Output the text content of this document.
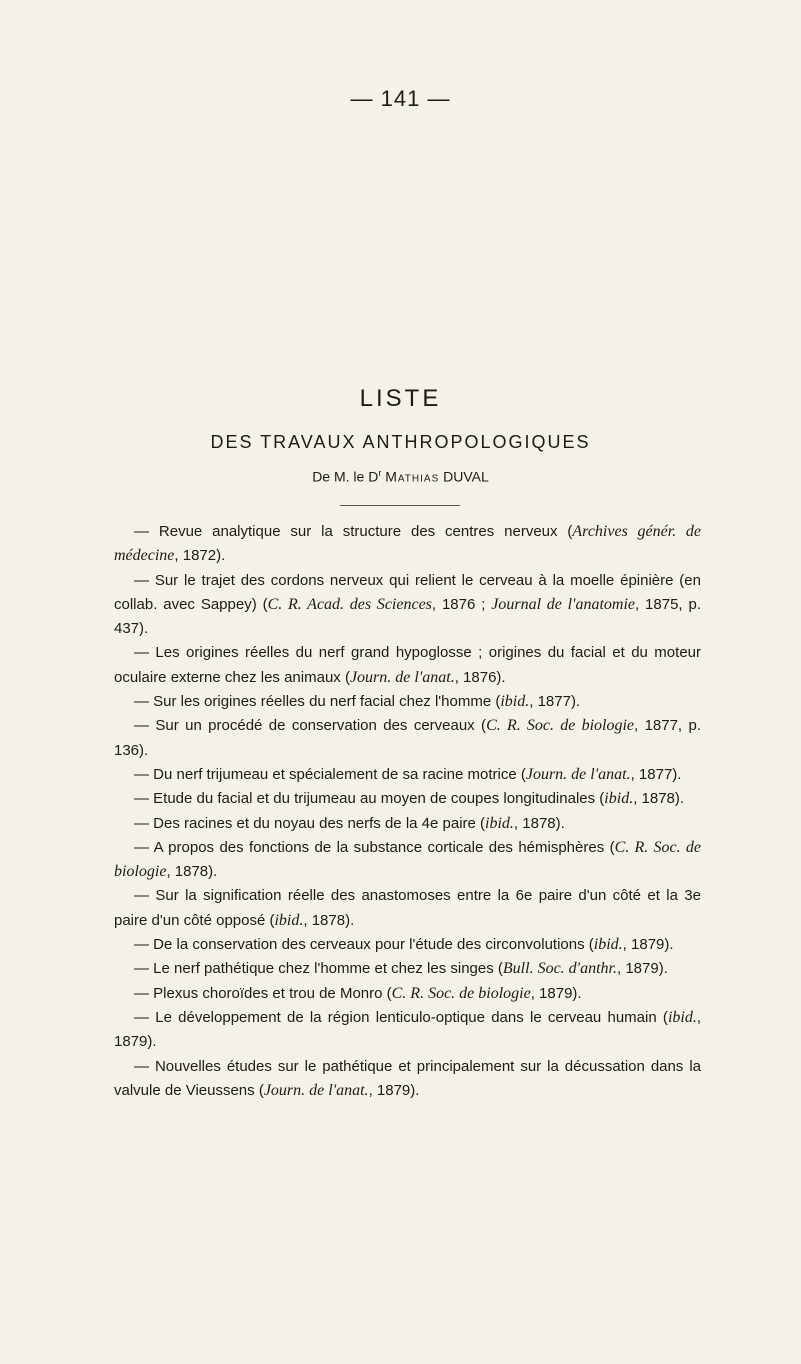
— 141 —
LISTE
DES TRAVAUX ANTHROPOLOGIQUES
De M. le $D^r$ Mathias DUVAL

— Revue analytique sur la structure des centres nerveux (Archives génér. de médecine, 1872).

— Sur le trajet des cordons nerveux qui relient le cerveau à la moelle épinière (en collab. avec Sappey) (C. R. Acad. des Sciences, 1876 ; Journal de l'anatomie, 1875, p. 437).

— Les origines réelles du nerf grand hypoglosse ; origines du facial et du moteur oculaire externe chez les animaux (Journ. de l'anat., 1876).

— Sur les origines réelles du nerf facial chez l'homme (ibid., 1877).

— Sur un procédé de conservation des cerveaux (C. R. Soc. de biologie, 1877, p. 136).

— Du nerf trijumeau et spécialement de sa racine motrice (Journ. de l'anat., 1877).

— Etude du facial et du trijumeau au moyen de coupes longitudinales (ibid., 1878).

— Des racines et du noyau des nerfs de la 4e paire (ibid., 1878).

— A propos des fonctions de la substance corticale des hémisphères (C. R. Soc. de biologie, 1878).

— Sur la signification réelle des anastomoses entre la 6e paire d'un côté et la 3e paire d'un côté opposé (ibid., 1878).

— De la conservation des cerveaux pour l'étude des circonvolutions (ibid., 1879).

— Le nerf pathétique chez l'homme et chez les singes (Bull. Soc. d'anthr., 1879).

— Plexus choroïdes et trou de Monro (C. R. Soc. de biologie, 1879).

— Le développement de la région lenticulo-optique dans le cerveau humain (ibid., 1879).

— Nouvelles études sur le pathétique et principalement sur la décussation dans la valvule de Vieussens (Journ. de l'anat., 1879).
